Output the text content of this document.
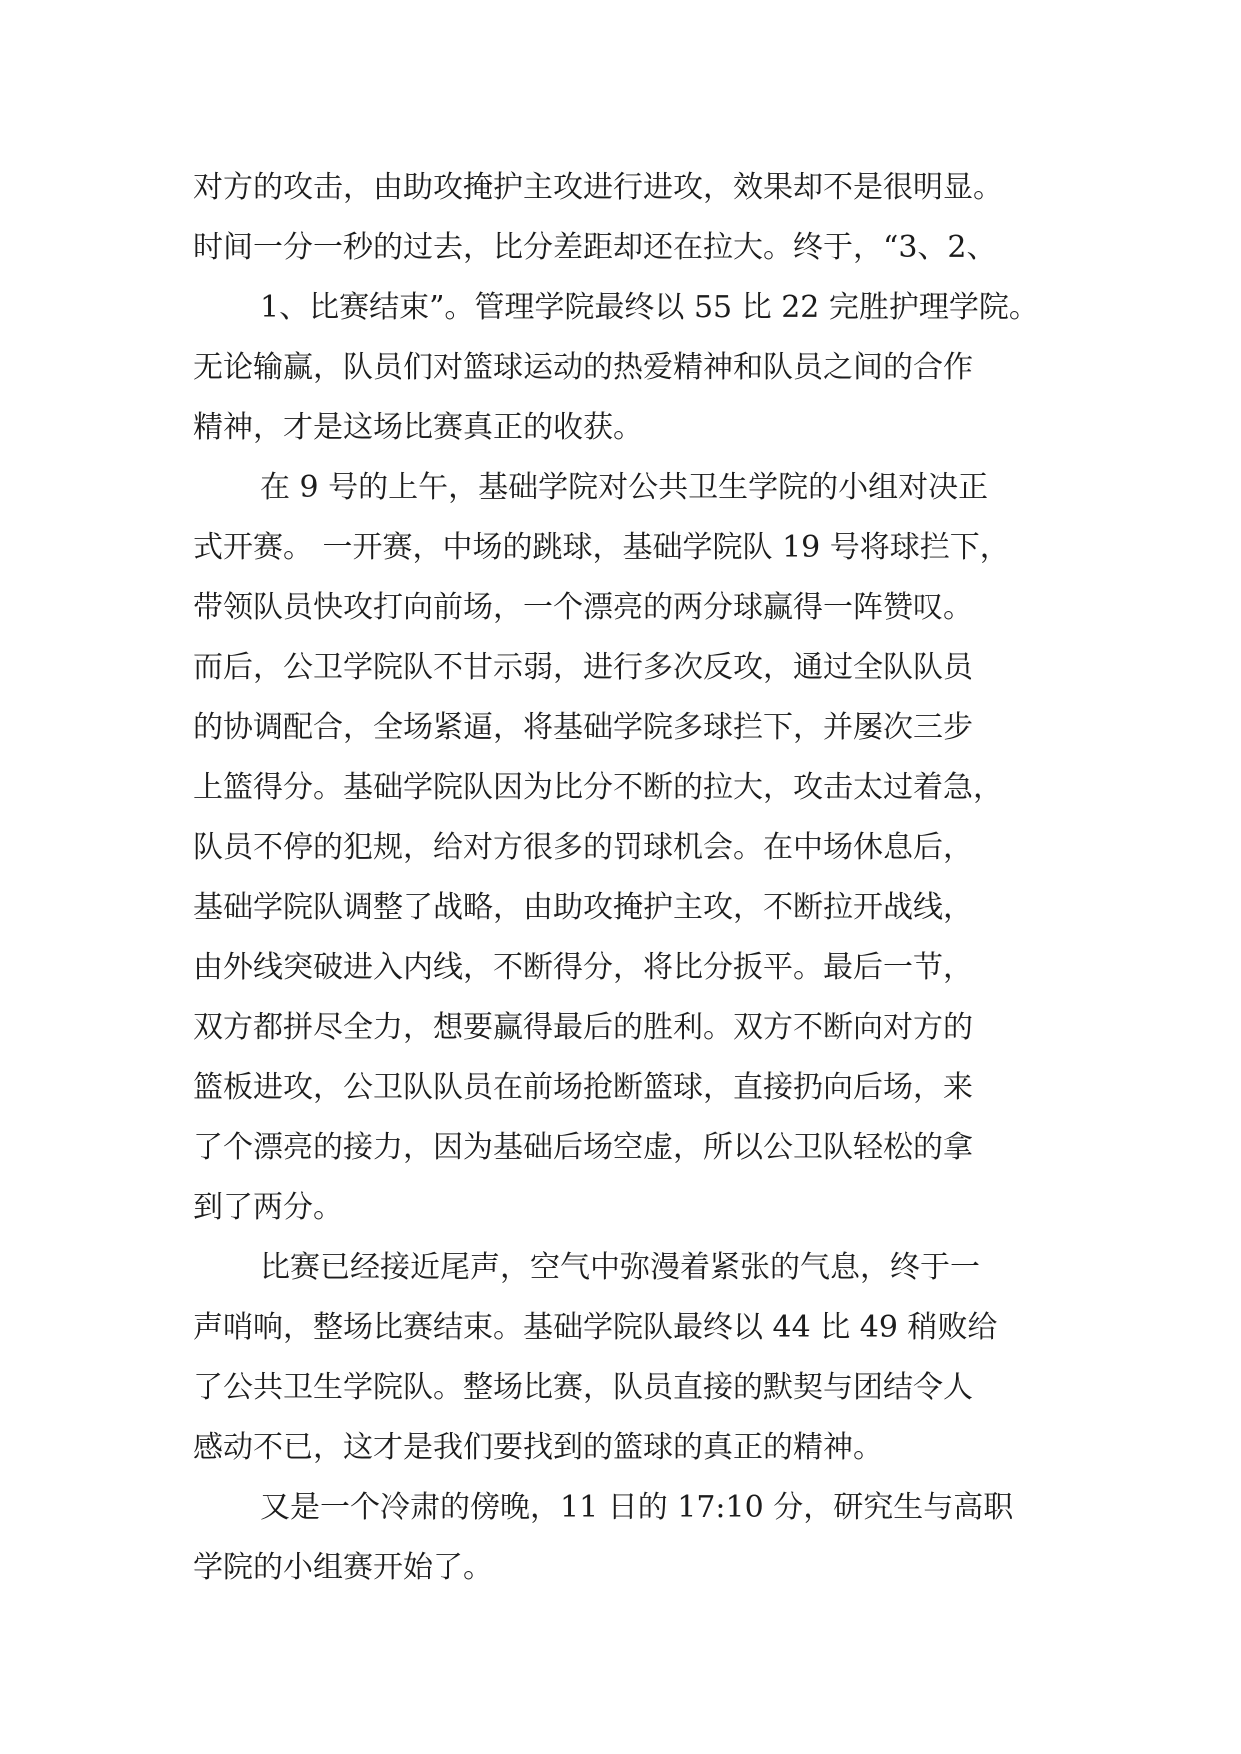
对方的攻击，由助攻掩护主攻进行进攻，效果却不是很明显。
时间一分一秒的过去，比分差距却还在拉大。终于，“3、2、
1、比赛结束”。管理学院最终以 55 比 22 完胜护理学院。
无论输赢，队员们对篮球运动的热爱精神和队员之间的合作
精神，才是这场比赛真正的收获。
在 9 号的上午，基础学院对公共卫生学院的小组对决正
式开赛。 一开赛，中场的跳球，基础学院队 19 号将球拦下，
带领队员快攻打向前场，一个漂亮的两分球赢得一阵赞叹。
而后，公卫学院队不甘示弱，进行多次反攻，通过全队队员
的协调配合，全场紧逼，将基础学院多球拦下，并屡次三步
上篮得分。基础学院队因为比分不断的拉大，攻击太过着急，
队员不停的犯规，给对方很多的罚球机会。在中场休息后，
基础学院队调整了战略，由助攻掩护主攻，不断拉开战线，
由外线突破进入内线，不断得分，将比分扳平。最后一节，
双方都拼尽全力，想要赢得最后的胜利。双方不断向对方的
篮板进攻，公卫队队员在前场抢断篮球，直接扔向后场，来
了个漂亮的接力，因为基础后场空虚，所以公卫队轻松的拿
到了两分。
比赛已经接近尾声，空气中弥漫着紧张的气息，终于一
声哨响，整场比赛结束。基础学院队最终以 44 比 49 稍败给
了公共卫生学院队。整场比赛，队员直接的默契与团结令人
感动不已，这才是我们要找到的篮球的真正的精神。
又是一个冷肃的傍晚，11 日的 17:10 分，研究生与高职
学院的小组赛开始了。
